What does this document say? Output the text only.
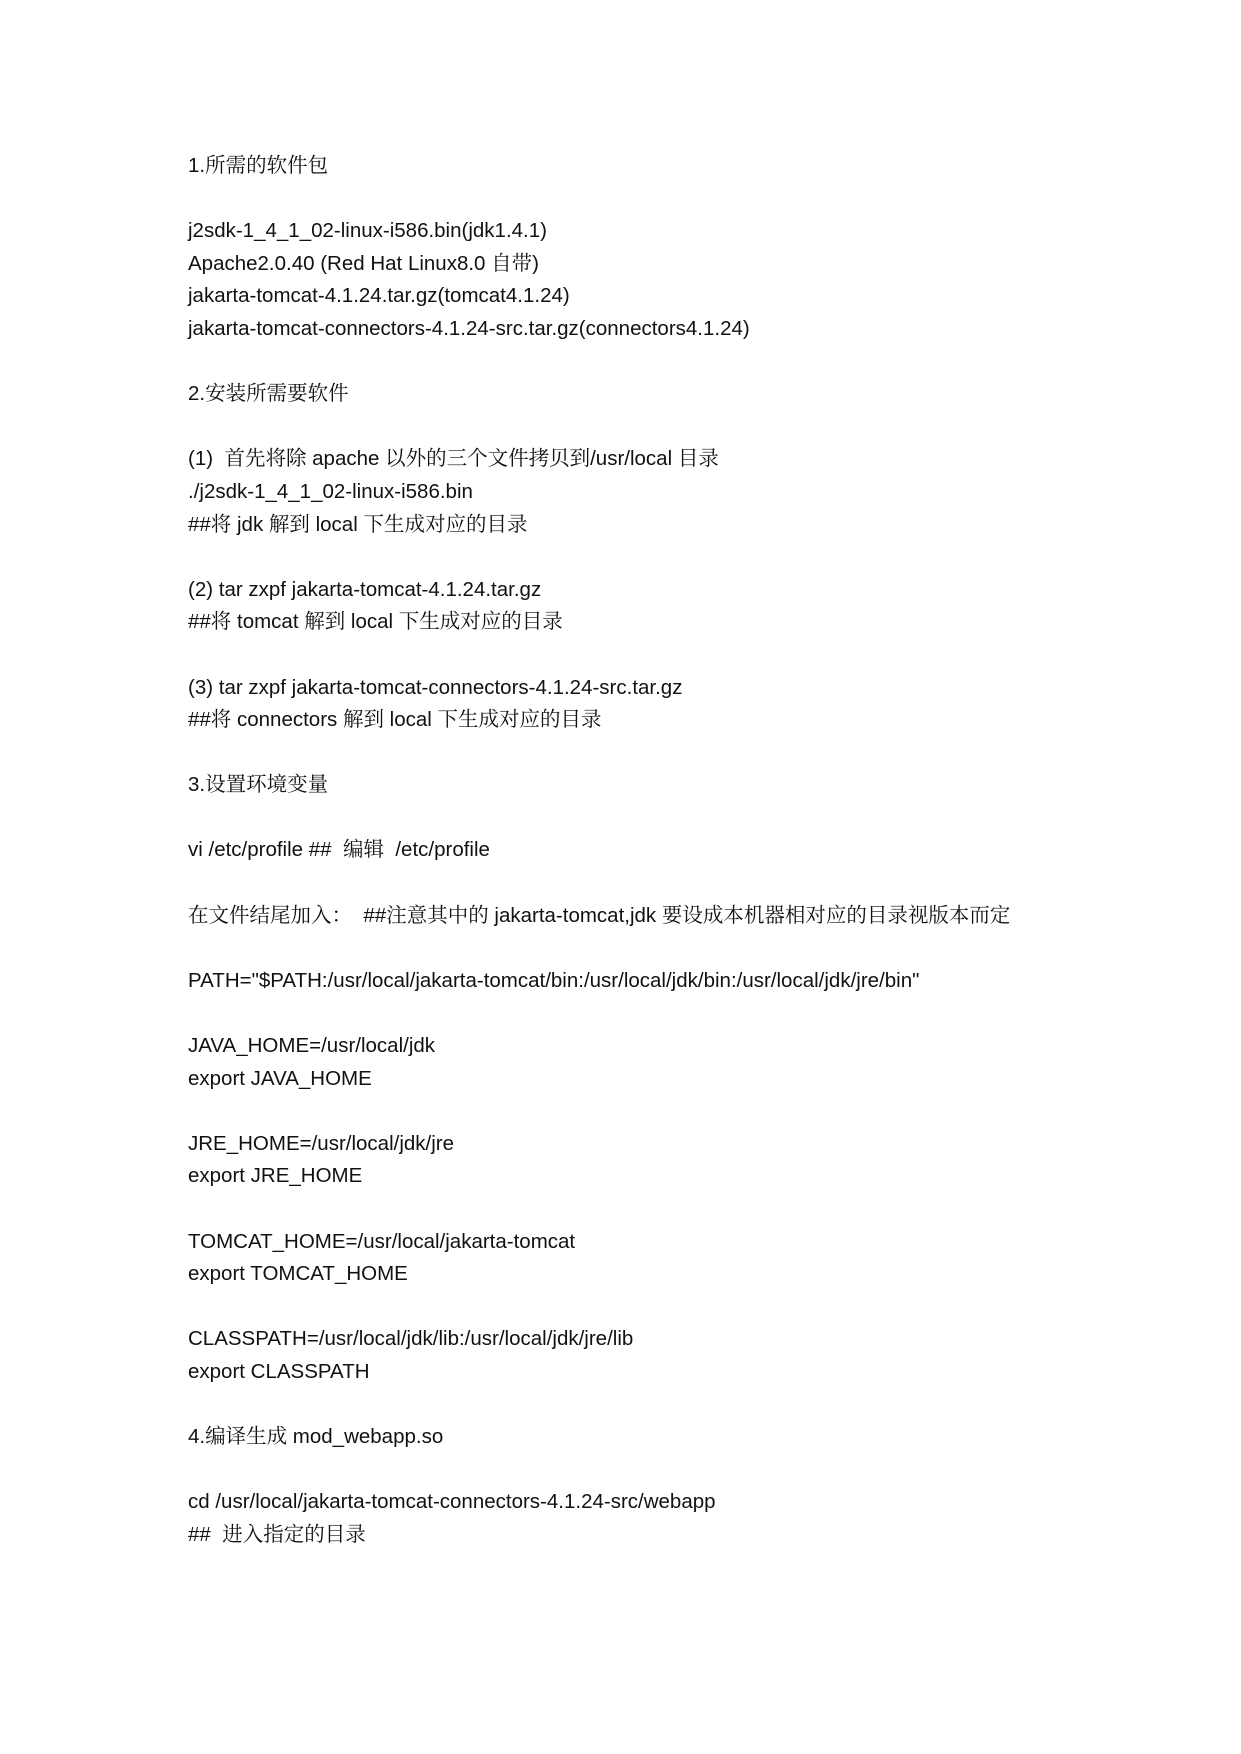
1.所需的软件包
j2sdk-1_4_1_02-linux-i586.bin(jdk1.4.1)
Apache2.0.40 (Red Hat Linux8.0 自带)
jakarta-tomcat-4.1.24.tar.gz(tomcat4.1.24)
jakarta-tomcat-connectors-4.1.24-src.tar.gz(connectors4.1.24)
2.安装所需要软件
(1)  首先将除 apache 以外的三个文件拷贝到/usr/local 目录
./j2sdk-1_4_1_02-linux-i586.bin
##将 jdk 解到 local 下生成对应的目录
(2) tar zxpf jakarta-tomcat-4.1.24.tar.gz
##将 tomcat 解到 local 下生成对应的目录
(3) tar zxpf jakarta-tomcat-connectors-4.1.24-src.tar.gz
##将 connectors 解到 local 下生成对应的目录
3.设置环境变量
vi /etc/profile ##  编辑  /etc/profile
在文件结尾加入：  ##注意其中的 jakarta-tomcat,jdk 要设成本机器相对应的目录视版本而定
PATH="$PATH:/usr/local/jakarta-tomcat/bin:/usr/local/jdk/bin:/usr/local/jdk/jre/bin"
JAVA_HOME=/usr/local/jdk
export JAVA_HOME
JRE_HOME=/usr/local/jdk/jre
export JRE_HOME
TOMCAT_HOME=/usr/local/jakarta-tomcat
export TOMCAT_HOME
CLASSPATH=/usr/local/jdk/lib:/usr/local/jdk/jre/lib
export CLASSPATH
4.编译生成 mod_webapp.so
cd /usr/local/jakarta-tomcat-connectors-4.1.24-src/webapp
##  进入指定的目录
